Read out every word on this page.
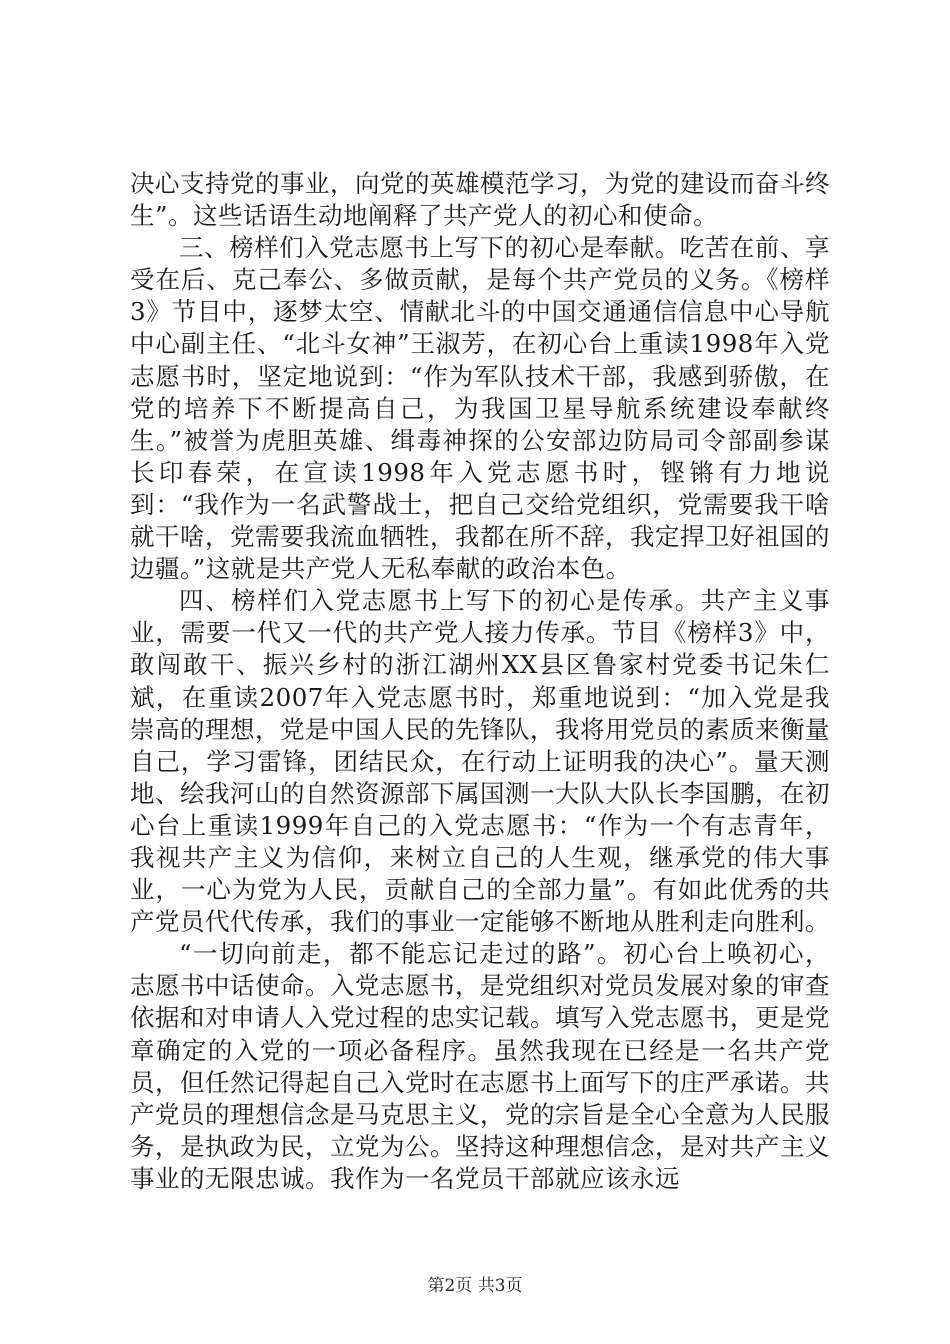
决心支持党的事业，向党的英雄模范学习，为党的建设而奋斗终生”。这些话语生动地阐释了共产党人的初心和使命。

三、榜样们入党志愿书上写下的初心是奉献。吃苦在前、享受在后、克己奉公、多做贡献，是每个共产党员的义务。《榜样3》节目中，逐梦太空、情献北斗的中国交通通信信息中心导航中心副主任、“北斗女神”王淑芳，在初心台上重读1998年入党志愿书时，坚定地说到：“作为军队技术干部，我感到骄傲，在党的培养下不断提高自己，为我国卫星导航系统建设奉献终生。”被誉为虎胆英雄、缉毒神探的公安部边防局司令部副参谋长印春荣，在宣读1998年入党志愿书时，铿锵有力地说到：“我作为一名武警战士，把自己交给党组织，党需要我干啥就干啥，党需要我流血牺牲，我都在所不辞，我定捍卫好祖国的边疆。”这就是共产党人无私奉献的政治本色。

四、榜样们入党志愿书上写下的初心是传承。共产主义事业，需要一代又一代的共产党人接力传承。节目《榜样3》中，敢闯敢干、振兴乡村的浙江湖州XX县区鲁家村党委书记朱仁斌，在重读2007年入党志愿书时，郑重地说到：“加入党是我崇高的理想，党是中国人民的先锋队，我将用党员的素质来衡量自己，学习雷锋，团结民众，在行动上证明我的决心”。量天测地、绘我河山的自然资源部下属国测一大队大队长李国鹏，在初心台上重读1999年自己的入党志愿书：“作为一个有志青年，我视共产主义为信仰，来树立自己的人生观，继承党的伟大事业，一心为党为人民，贡献自己的全部力量”。有如此优秀的共产党员代代传承，我们的事业一定能够不断地从胜利走向胜利。

“一切向前走，都不能忘记走过的路”。初心台上唤初心，志愿书中话使命。入党志愿书，是党组织对党员发展对象的审查依据和对申请人入党过程的忠实记载。填写入党志愿书，更是党章确定的入党的一项必备程序。虽然我现在已经是一名共产党员，但任然记得起自己入党时在志愿书上面写下的庄严承诺。共产党员的理想信念是马克思主义，党的宗旨是全心全意为人民服务，是执政为民，立党为公。坚持这种理想信念，是对共产主义事业的无限忠诚。我作为一名党员干部就应该永远

第2页 共3页
